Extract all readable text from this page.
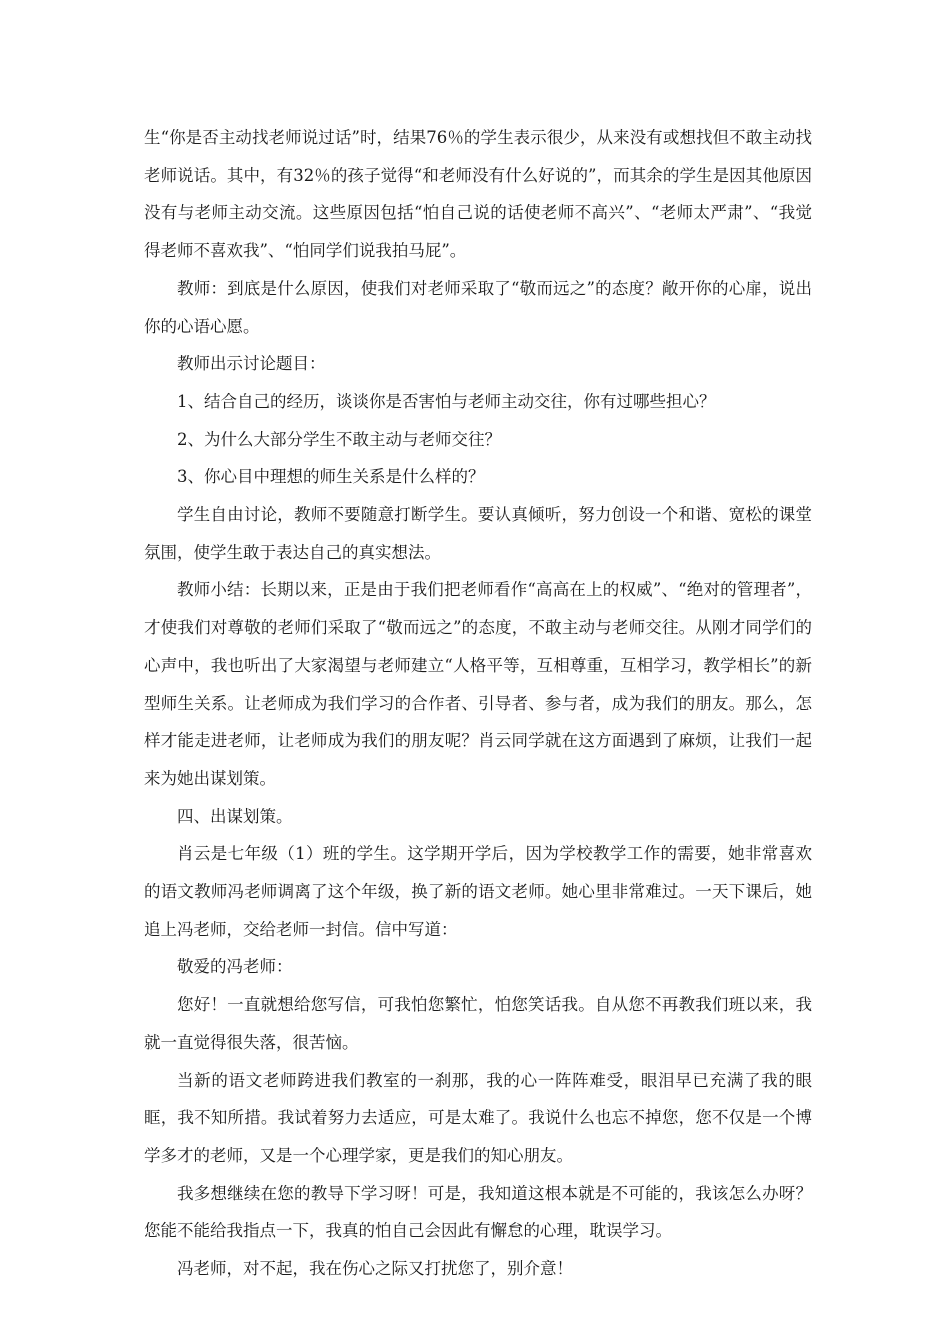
生“你是否主动找老师说过话”时，结果76％的学生表示很少，从来没有或想找但不敢主动找老师说话。其中，有32％的孩子觉得“和老师没有什么好说的”，而其余的学生是因其他原因没有与老师主动交流。这些原因包括“怕自己说的话使老师不高兴”、“老师太严肃”、“我觉得老师不喜欢我”、“怕同学们说我拍马屁”。

教师：到底是什么原因，使我们对老师采取了“敬而远之”的态度？敞开你的心扉，说出你的心语心愿。

教师出示讨论题目：

1、结合自己的经历，谈谈你是否害怕与老师主动交往，你有过哪些担心？

2、为什么大部分学生不敢主动与老师交往？

3、你心目中理想的师生关系是什么样的？

学生自由讨论，教师不要随意打断学生。要认真倾听，努力创设一个和谐、宽松的课堂氛围，使学生敢于表达自己的真实想法。

教师小结：长期以来，正是由于我们把老师看作“高高在上的权威”、“绝对的管理者”，才使我们对尊敬的老师们采取了“敬而远之”的态度，不敢主动与老师交往。从刚才同学们的心声中，我也听出了大家渴望与老师建立“人格平等，互相尊重，互相学习，教学相长”的新型师生关系。让老师成为我们学习的合作者、引导者、参与者，成为我们的朋友。那么，怎样才能走进老师，让老师成为我们的朋友呢？肖云同学就在这方面遇到了麻烦，让我们一起来为她出谋划策。

四、出谋划策。

肖云是七年级（1）班的学生。这学期开学后，因为学校教学工作的需要，她非常喜欢的语文教师冯老师调离了这个年级，换了新的语文老师。她心里非常难过。一天下课后，她追上冯老师，交给老师一封信。信中写道：

敬爱的冯老师：

您好！一直就想给您写信，可我怕您繁忙，怕您笑话我。自从您不再教我们班以来，我就一直觉得很失落，很苦恼。

当新的语文老师跨进我们教室的一刹那，我的心一阵阵难受，眼泪早已充满了我的眼眶，我不知所措。我试着努力去适应，可是太难了。我说什么也忘不掉您，您不仅是一个博学多才的老师，又是一个心理学家，更是我们的知心朋友。

我多想继续在您的教导下学习呀！可是，我知道这根本就是不可能的，我该怎么办呀？您能不能给我指点一下，我真的怕自己会因此有懈怠的心理，耽误学习。

冯老师，对不起，我在伤心之际又打扰您了，别介意！
